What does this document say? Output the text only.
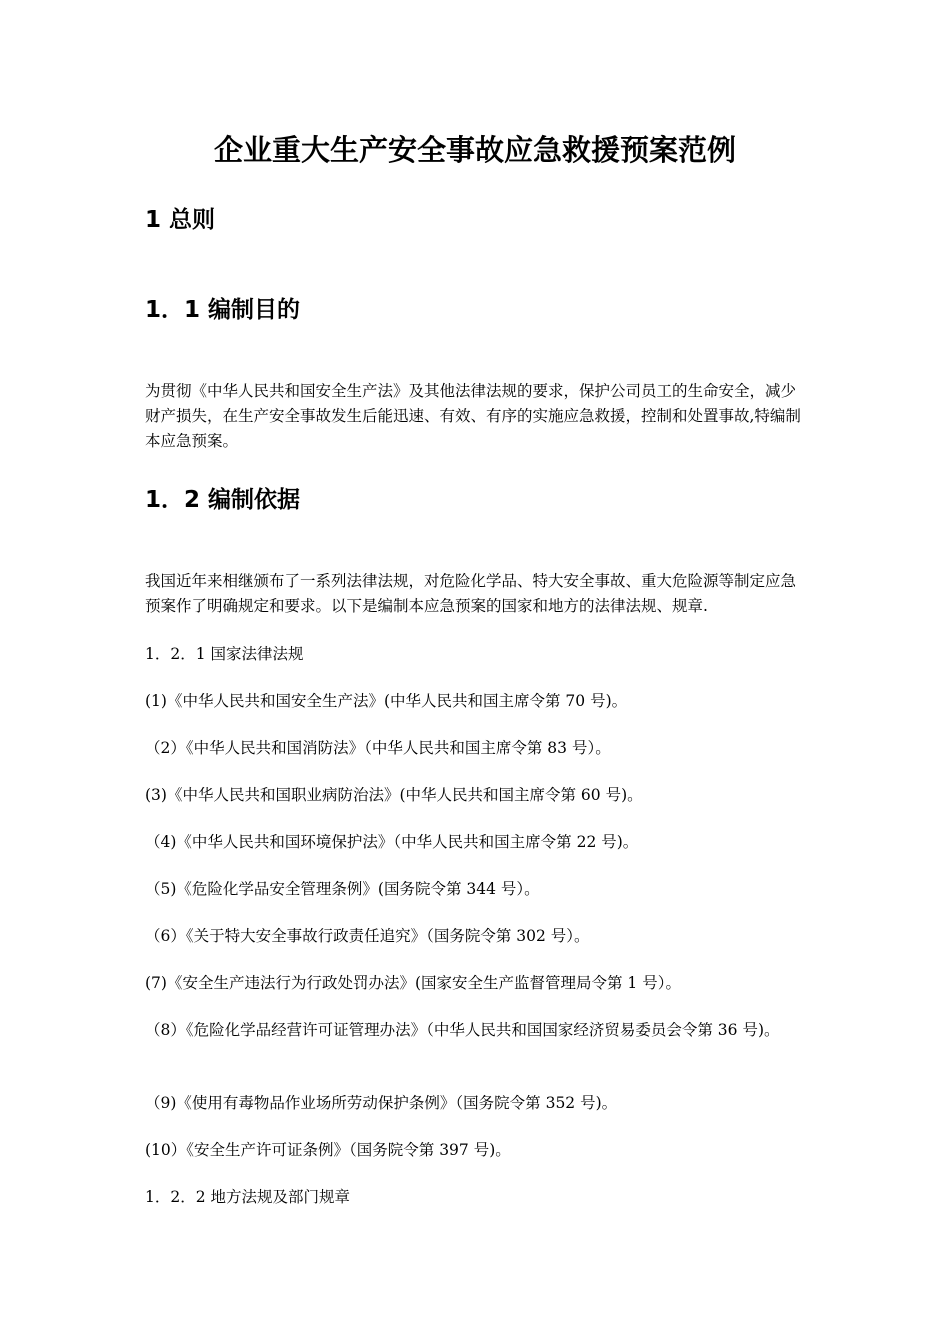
企业重大生产安全事故应急救援预案范例
1 总则
1．1 编制目的
为贯彻《中华人民共和国安全生产法》及其他法律法规的要求，保护公司员工的生命安全，减少财产损失，在生产安全事故发生后能迅速、有效、有序的实施应急救援，控制和处置事故,特编制本应急预案。
1．2 编制依据
我国近年来相继颁布了一系列法律法规，对危险化学品、特大安全事故、重大危险源等制定应急预案作了明确规定和要求。以下是编制本应急预案的国家和地方的法律法规、规章.
1．2．1 国家法律法规
(1)《中华人民共和国安全生产法》(中华人民共和国主席令第 70 号)。
（2）《中华人民共和国消防法》（中华人民共和国主席令第 83 号）。
(3)《中华人民共和国职业病防治法》(中华人民共和国主席令第 60 号)。
（4)《中华人民共和国环境保护法》（中华人民共和国主席令第 22 号)。
（5)《危险化学品安全管理条例》(国务院令第 344 号）。
（6）《关于特大安全事故行政责任追究》（国务院令第 302 号）。
(7)《安全生产违法行为行政处罚办法》(国家安全生产监督管理局令第 1 号）。
（8）《危险化学品经营许可证管理办法》（中华人民共和国国家经济贸易委员会令第 36 号)。
（9)《使用有毒物品作业场所劳动保护条例》（国务院令第 352 号)。
(10）《安全生产许可证条例》（国务院令第 397 号)。
1．2．2 地方法规及部门规章
